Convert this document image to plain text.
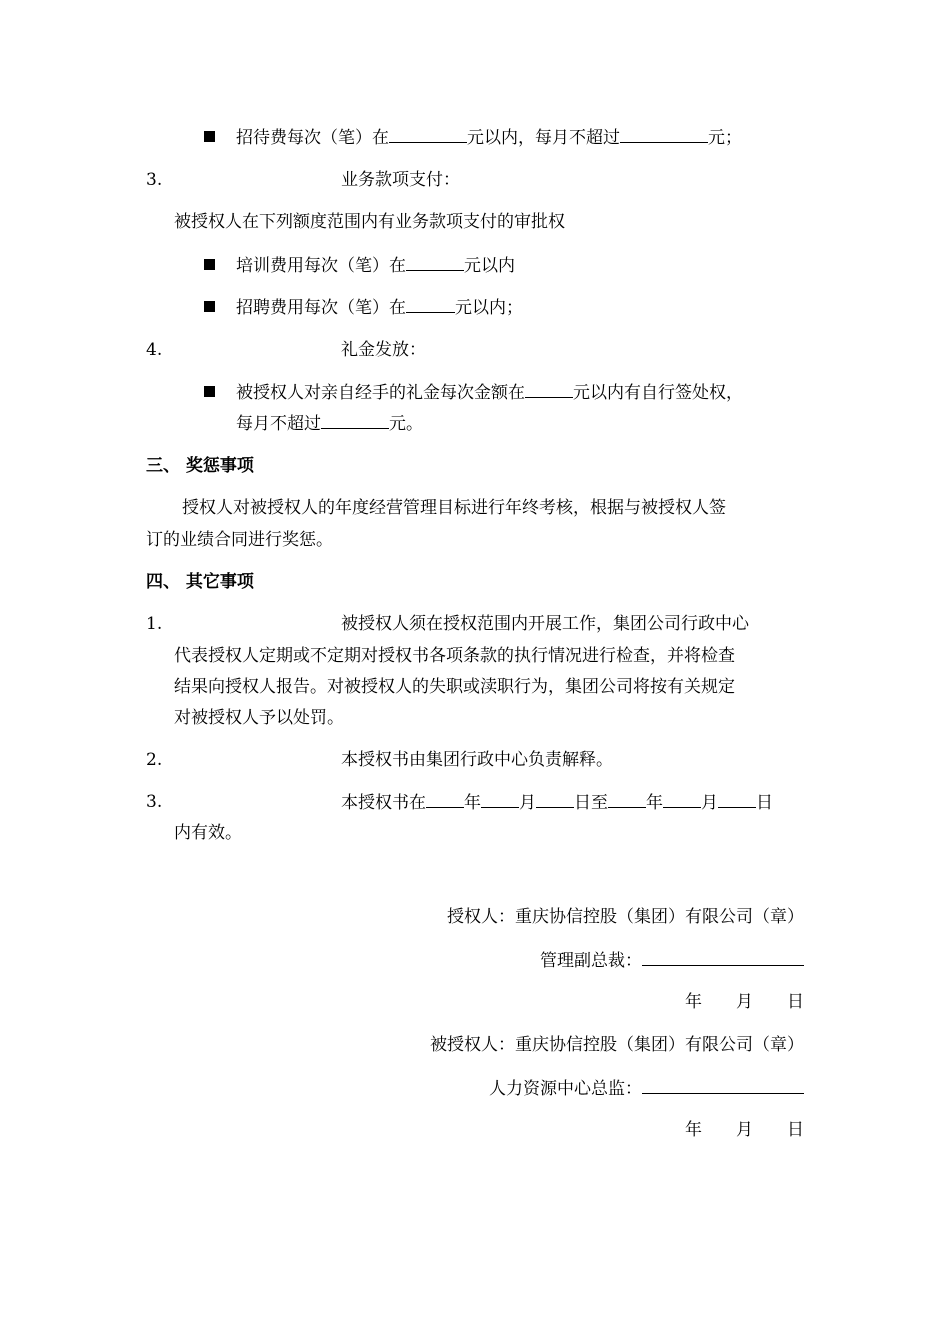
招待费每次（笔）在	元以内，每月不超过	元；
3.	业务款项支付：
被授权人在下列额度范围内有业务款项支付的审批权
培训费用每次（笔）在	元以内
招聘费用每次（笔）在	元以内；
4.	礼金发放：
被授权人对亲自经手的礼金每次金额在	元以内有自行签处权，
每月不超过	元。
三、 奖惩事项
授权人对被授权人的年度经营管理目标进行年终考核，根据与被授权人签
订的业绩合同进行奖惩。
四、 其它事项
1.	被授权人须在授权范围内开展工作，集团公司行政中心
代表授权人定期或不定期对授权书各项条款的执行情况进行检查，并将检查
结果向授权人报告。对被授权人的失职或渎职行为，集团公司将按有关规定
对被授权人予以处罚。
2.	本授权书由集团行政中心负责解释。
3.	本授权书在 年 月 日至 年 月 日
内有效。
授权人：重庆协信控股（集团）有限公司（章）
管理副总裁：
年　　月　　日
被授权人：重庆协信控股（集团）有限公司（章）
人力资源中心总监：
年　　月　　日
